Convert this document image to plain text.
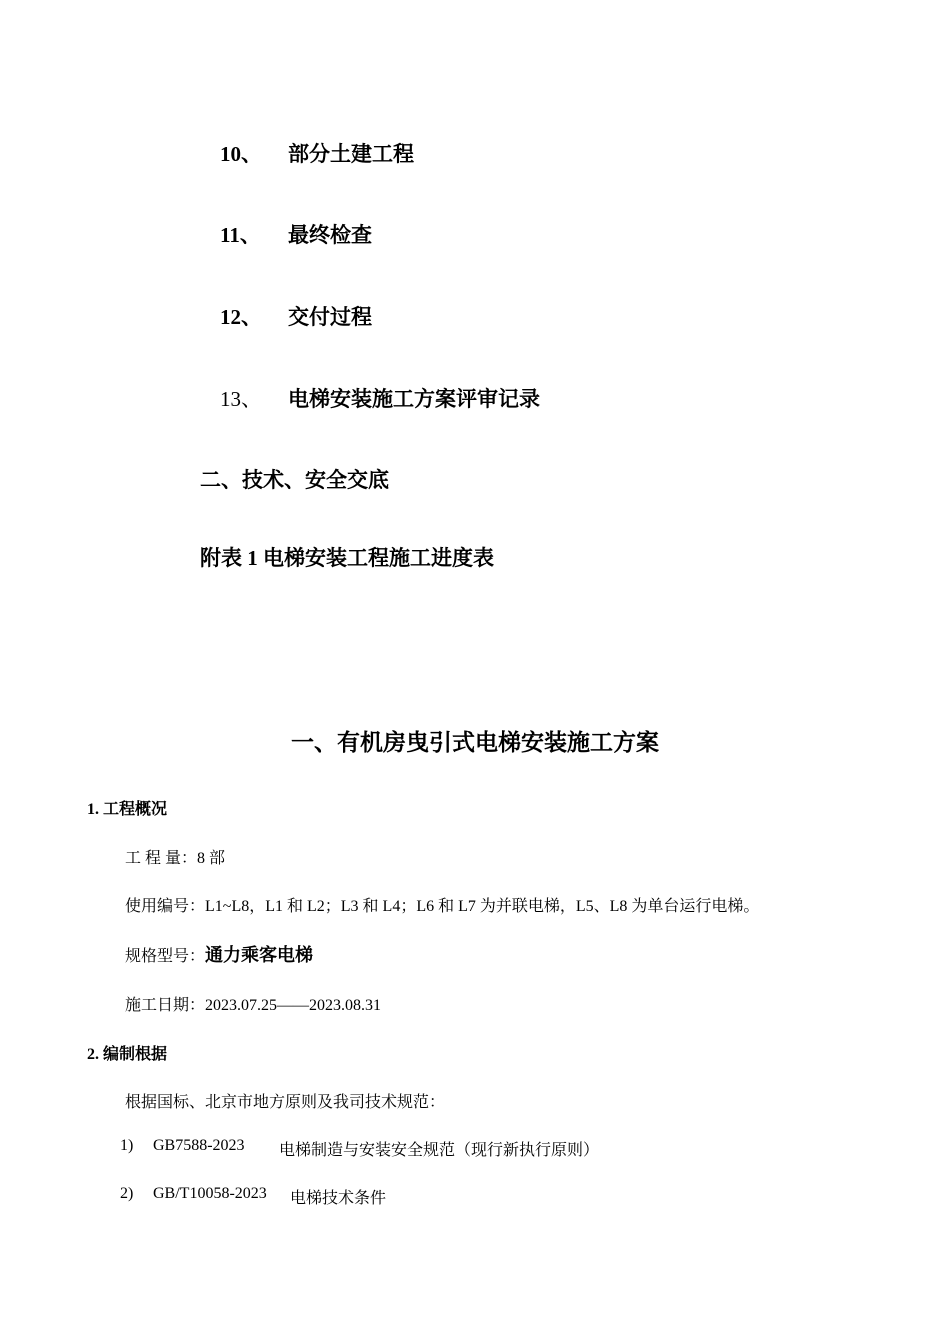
10、 部分土建工程
11、 最终检查
12、 交付过程
13、 电梯安装施工方案评审记录
二、技术、安全交底
附表 1 电梯安装工程施工进度表
一、有机房曳引式电梯安装施工方案
1. 工程概况
工 程 量：8 部
使用编号：L1~L8，L1 和 L2；L3 和 L4；L6 和 L7 为并联电梯，L5、L8 为单台运行电梯。
规格型号：通力乘客电梯
施工日期：2023.07.25——2023.08.31
2. 编制根据
根据国标、北京市地方原则及我司技术规范：
1) GB7588-2023 电梯制造与安装安全规范（现行新执行原则）
2) GB/T10058-2023 电梯技术条件
